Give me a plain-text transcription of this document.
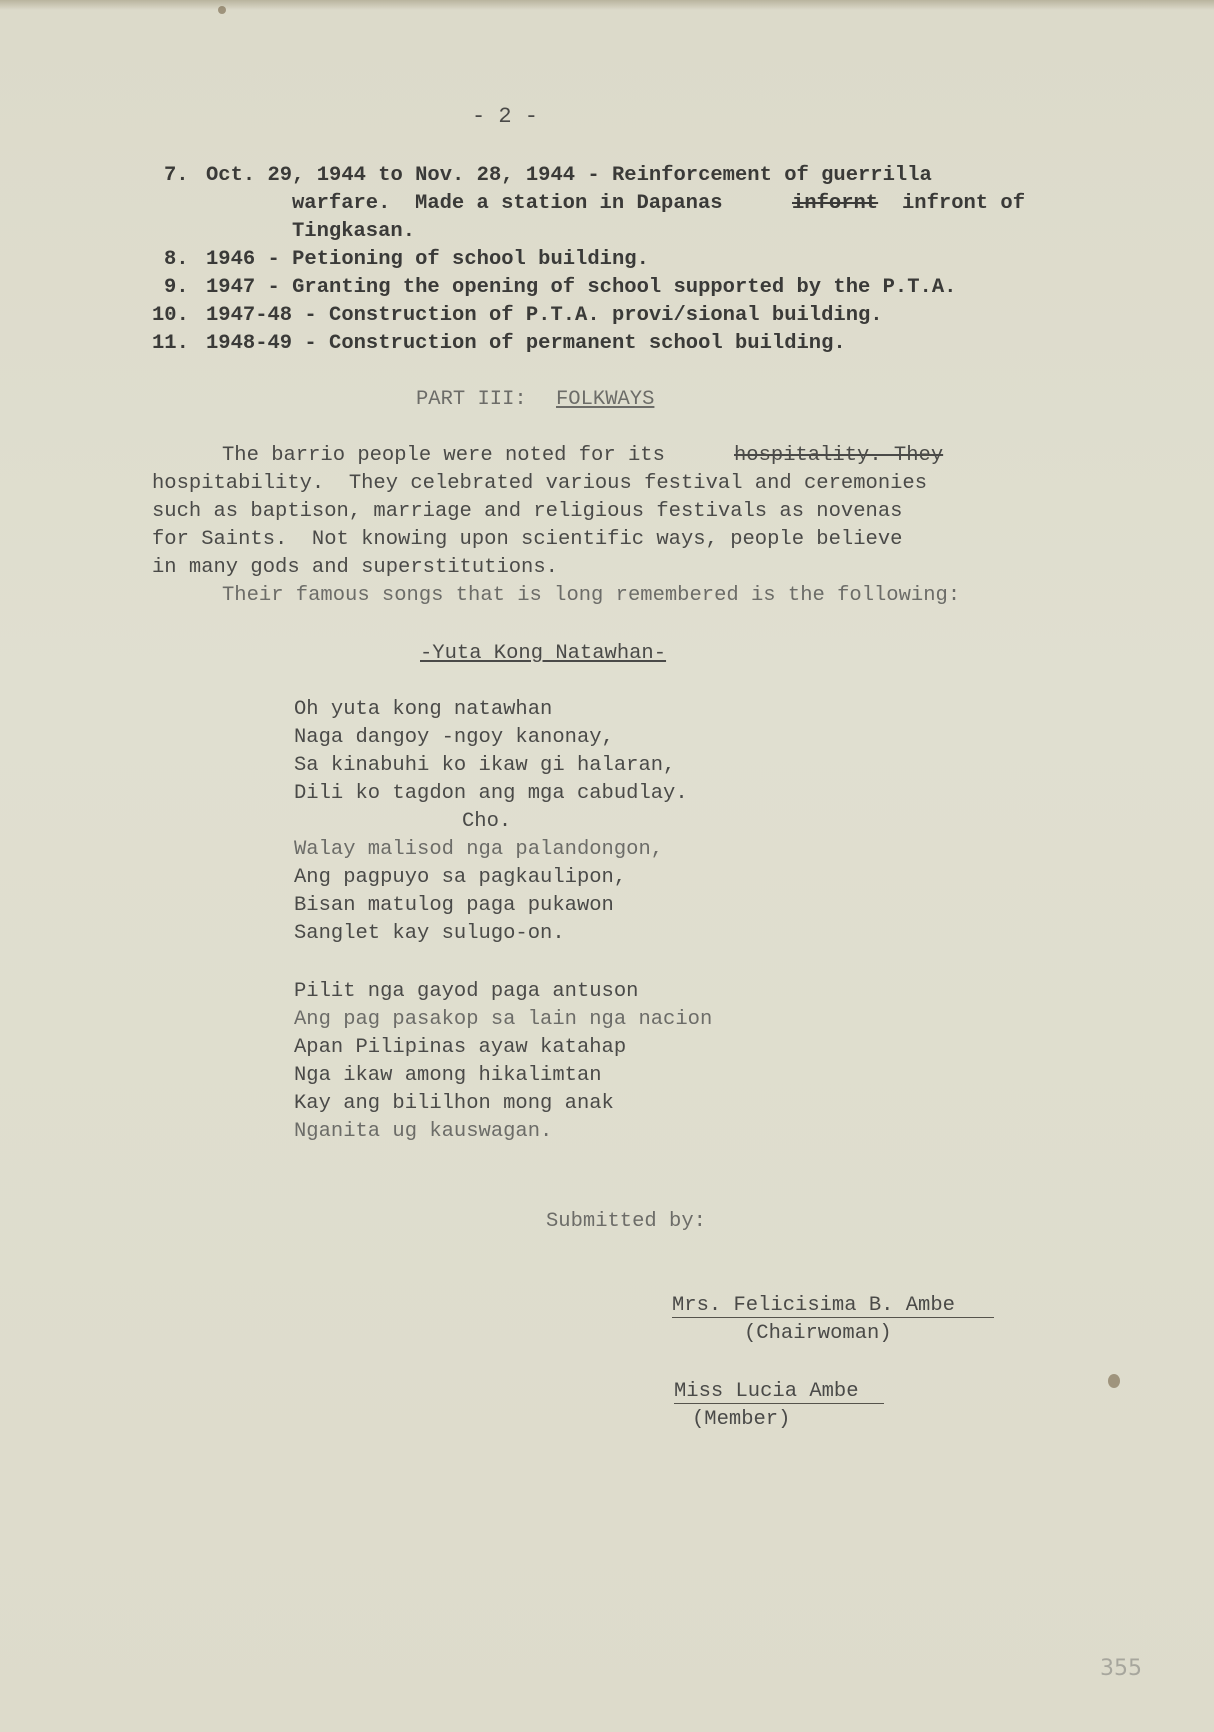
- 2 -
7. Oct. 29, 1944 to Nov. 28, 1944 - Reinforcement of guerrilla
warfare.  Made a station in Dapanas	infornt infront of
Tingkasan.
8. 1946 - Petioning of school building.
9. 1947 - Granting the opening of school supported by the P.T.A.
10. 1947-48 - Construction of P.T.A. provi/sional building.
11. 1948-49 - Construction of permanent school building.
PART III: FOLKWAYS
The barrio people were noted for its	hospitality. They
hospitability.  They celebrated various festival and ceremonies
such as baptison, marriage and religious festivals as novenas
for Saints.  Not knowing upon scientific ways, people believe
in many gods and superstitutions.
Their famous songs that is long remembered is the following:
-Yuta Kong Natawhan-
Oh yuta kong natawhan
Naga dangoy -ngoy kanonay,
Sa kinabuhi ko ikaw gi halaran,
Dili ko tagdon ang mga cabudlay.
Cho.
Walay malisod nga palandongon,
Ang pagpuyo sa pagkaulipon,
Bisan matulog paga pukawon
Sanglet kay sulugo-on.
Pilit nga gayod paga antuson
Ang pag pasakop sa lain nga nacion
Apan Pilipinas ayaw katahap
Nga ikaw among hikalimtan
Kay ang bililhon mong anak
Nganita ug kauswagan.
Submitted by:
Mrs. Felicisima B. Ambe
(Chairwoman)
Miss Lucia Ambe
(Member)
355
